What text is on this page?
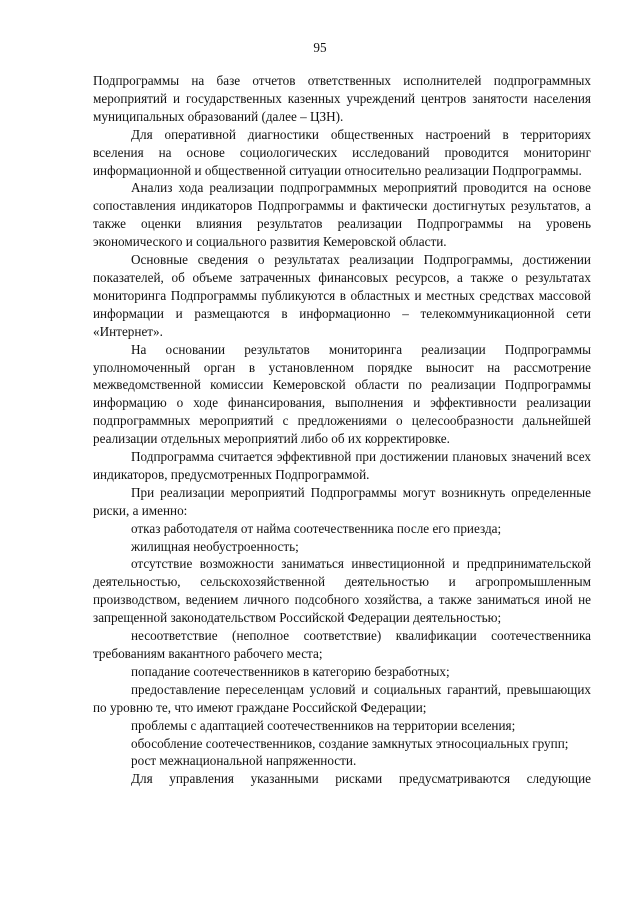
95

Подпрограммы на базе отчетов ответственных исполнителей подпрограммных мероприятий и государственных казенных учреждений центров занятости населения муниципальных образований (далее – ЦЗН).

Для оперативной диагностики общественных настроений в территориях вселения на основе социологических исследований проводится мониторинг информационной и общественной ситуации относительно реализации Подпрограммы.

Анализ хода реализации подпрограммных мероприятий проводится на основе сопоставления индикаторов Подпрограммы и фактически достигнутых результатов, а также оценки влияния результатов реализации Подпрограммы на уровень экономического и социального развития Кемеровской области.

Основные сведения о результатах реализации Подпрограммы, достижении показателей, об объеме затраченных финансовых ресурсов, а также о результатах мониторинга Подпрограммы публикуются в областных и местных средствах массовой информации и размещаются в информационно – телекоммуникационной сети «Интернет».

На основании результатов мониторинга реализации Подпрограммы уполномоченный орган в установленном порядке выносит на рассмотрение межведомственной комиссии Кемеровской области по реализации Подпрограммы информацию о ходе финансирования, выполнения и эффективности реализации подпрограммных мероприятий с предложениями о целесообразности дальнейшей реализации отдельных мероприятий либо об их корректировке.

Подпрограмма считается эффективной при достижении плановых значений всех индикаторов, предусмотренных Подпрограммой.

При реализации мероприятий Подпрограммы могут возникнуть определенные риски, а именно:

отказ работодателя от найма соотечественника после его приезда;

жилищная необустроенность;

отсутствие возможности заниматься инвестиционной и предпринимательской деятельностью, сельскохозяйственной деятельностью и агропромышленным производством, ведением личного подсобного хозяйства, а также заниматься иной не запрещенной законодательством Российской Федерации деятельностью;

несоответствие (неполное соответствие) квалификации соотечественника требованиям вакантного рабочего места;

попадание соотечественников в категорию безработных;

предоставление переселенцам условий и социальных гарантий, превышающих по уровню те, что имеют граждане Российской Федерации;

проблемы с адаптацией соотечественников на территории вселения;

обособление соотечественников, создание замкнутых этносоциальных групп;

рост межнациональной напряженности.

Для управления указанными рисками предусматриваются следующие
